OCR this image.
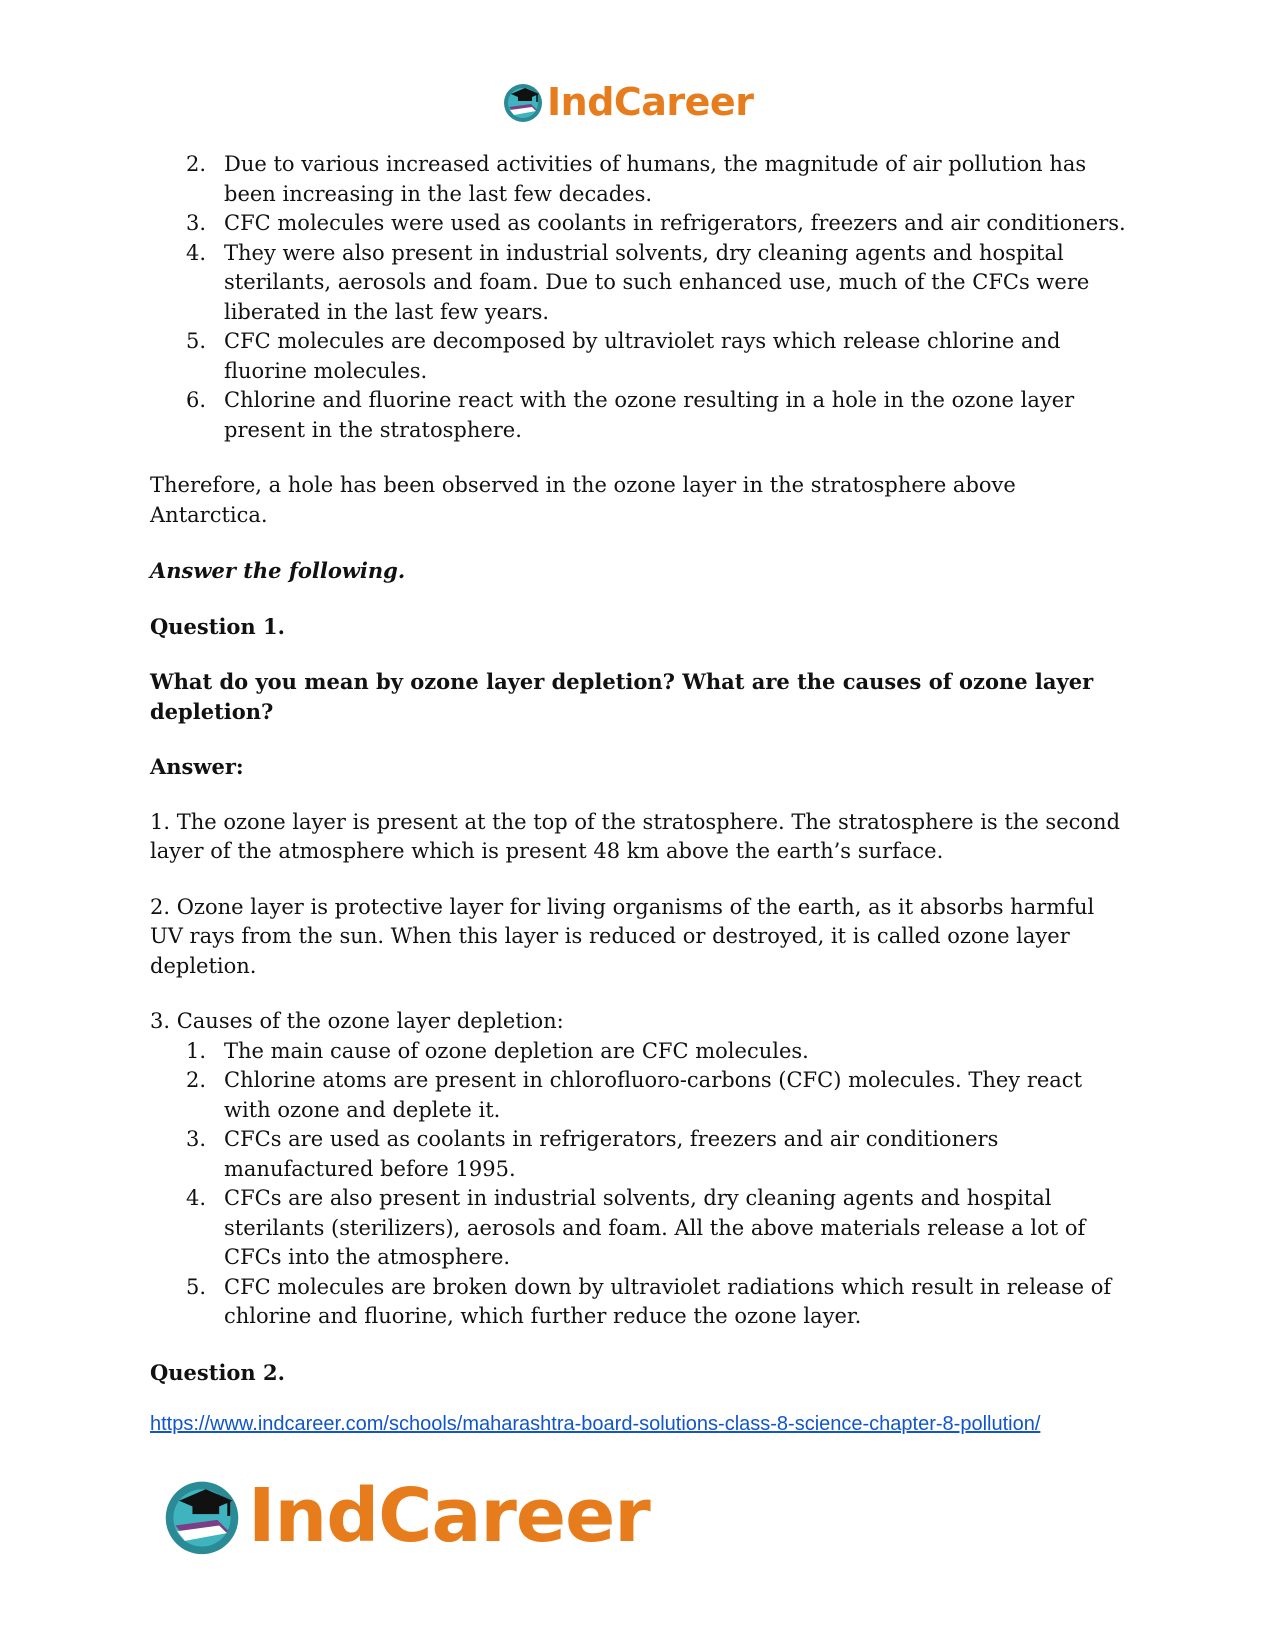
IndCareer
2. Due to various increased activities of humans, the magnitude of air pollution has been increasing in the last few decades.
3. CFC molecules were used as coolants in refrigerators, freezers and air conditioners.
4. They were also present in industrial solvents, dry cleaning agents and hospital sterilants, aerosols and foam. Due to such enhanced use, much of the CFCs were liberated in the last few years.
5. CFC molecules are decomposed by ultraviolet rays which release chlorine and fluorine molecules.
6. Chlorine and fluorine react with the ozone resulting in a hole in the ozone layer present in the stratosphere.

Therefore, a hole has been observed in the ozone layer in the stratosphere above Antarctica.

Answer the following.

Question 1.

What do you mean by ozone layer depletion? What are the causes of ozone layer depletion?

Answer:

1. The ozone layer is present at the top of the stratosphere. The stratosphere is the second layer of the atmosphere which is present 48 km above the earth’s surface.

2. Ozone layer is protective layer for living organisms of the earth, as it absorbs harmful UV rays from the sun. When this layer is reduced or destroyed, it is called ozone layer depletion.

3. Causes of the ozone layer depletion:

1. The main cause of ozone depletion are CFC molecules.
2. Chlorine atoms are present in chlorofluoro-carbons (CFC) molecules. They react with ozone and deplete it.
3. CFCs are used as coolants in refrigerators, freezers and air conditioners manufactured before 1995.
4. CFCs are also present in industrial solvents, dry cleaning agents and hospital sterilants (sterilizers), aerosols and foam. All the above materials release a lot of CFCs into the atmosphere.
5. CFC molecules are broken down by ultraviolet radiations which result in release of chlorine and fluorine, which further reduce the ozone layer.

Question 2.

https://www.indcareer.com/schools/maharashtra-board-solutions-class-8-science-chapter-8-pollution/
IndCareer
